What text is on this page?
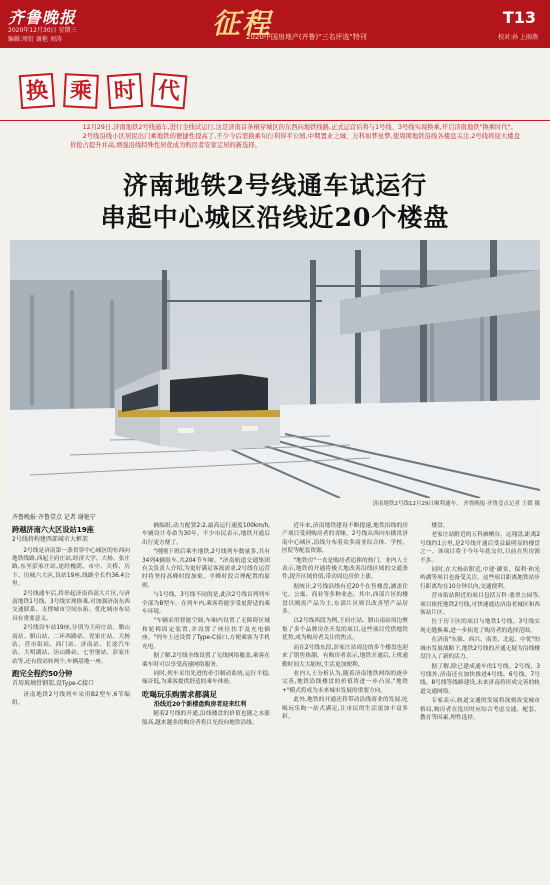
齐鲁晚报
2020年12月30日 星期三
编辑:周衍 谢艳 刘涛	征程
2020中国房地产(齐鲁)"三名评选"特刊
T13
校对:孙 上雨燕
换 乘 时 代

12月29日,济南地铁2号线通车,进行全线试运行,这是济南首条横穿城区的东西向地铁线路,正式运营后将与1号线、3号线实现换乘,开启济南地铁"换乘时代"。

2号线沿线小区居民出门乘地铁的便捷性提高了,不少今后需换乘旬行利得平公园,中期置业之城、万科如梦星梦,使周围地铁沿线各楼盘关注,2号线将迎大楼盘价抢占提升并高,增强沿线特殊性居优成为购房者安家定居的新选择。

济南地铁2号线通车试运行
串起中心城区沿线近20个楼盘
济南地铁2号线12月29日顺利通车。 齐鲁晚报·齐鲁壹点记者 王媛 摄
齐鲁晚报·齐鲁壹点 记者 谢艳宁
跨越济南六大区设站19座

2号线将构建西部城市大框架

2号线是济南第一条贯穿中心城区的东西向地铁线路,西起王府庄站,经济大学、大杨、张庄路,东至彭家庄站,途经槐荫、市中、天桥、历下、历城六大区,设站19座,线路全长约36.4公里。

2号线通车后,将串起济南西部大片区,与济南地铁1号线、3号线实现换乘,对加强济南东西交通联系、支撑城市空间东拓、优化城市布局具有重要意义。

2号线设车站19座,分别为王府庄站、腊山南站、腊山站、二环西路站、党家庄站、大杨站、营市街站、西门站、济南站、长途汽车站、大明湖站、历山路站、七里堡站、彭家庄站等,还有段站转两个,车辆基地一座。

跑完全程约50分钟

首用玻璃骨钢架,设Type-C接口

济南地铁2号线列车采用B2型车,6节编组。

辆编组,动力配置2:2,最高运行速度100km/h,车辆设计寿命为30年。不少市民表示,地铁开通后出行更方便了。

"刚刚下班后乘坐地铁,2号线列车数量多,共有34列4辆组车,共204节车厢。"济南轨道交通集团有关负责人介绍,为更好满足客流需求,2号线在运营时将坚持高峰时段加密、平峰时段合理配置的原则。

与1号线、3号线不同的是,此次2号线首列列车全部为B型车。在列车内,乘客将能享受更舒适的乘车环境。

"车辆采用智能空调,车厢内设置了无障碍区域和轮椅固定装置,并设置了座位扶手及充电插座。"列车上还设置了Type-C接口,方便乘客为手机充电。

据了解,2号线全线设置了无线网络覆盖,乘客在乘车时可以享受高速网络服务。

同时,列车采用先进的牵引制动系统,运行平稳,噪音低,为乘客提供舒适的乘车体验。

吃喝玩乐购需求都满足

沿线近20个新楼盘购房者迎来红利

随着2号线的开通,沿线楼盘的价值也随之水涨船高,越来越多的购房者将目光投向地铁沿线。

近年来,济南地铁建设不断提速,地铁沿线的房产项目受到购房者的青睐。2号线从西向东横贯济南中心城区,沿线分布着众多商业综合体、学校、医院等配套资源。

"地铁房"一直是购房者追捧的热门。业内人士表示,地铁的开通将极大地改善沿线区域的交通条件,提升区域价值,带动周边房价上涨。

据统计,2号线沿线有近20个在售楼盘,涵盖住宅、公寓、商业等多种业态。其中,西部片区的楼盘以刚需产品为主,东部片区则以改善型产品居多。

以2号线西段为例,王府庄站、腊山南站周边聚集了多个品牌房企开发的项目,这些项目凭借地铁优势,成为购房者关注的焦点。

而在2号线东段,彭家庄站周边的多个楼盘也迎来了销售热潮。有购房者表示,地铁开通后,上班通勤时间大大缩短,生活更加便利。

业内人士分析认为,随着济南地铁网络的逐步完善,地铁沿线楼盘的价值将进一步凸显,"地铁+"模式将成为未来城市发展的重要方向。

此外,地铁的开通还将带动沿线商业的发展,吃喝玩乐购一站式满足,让市民的生活更加丰富多彩。

楼盘。

老家庄站附近的万科雁栖谷、远翔盘,距离2号线约1公里,是2号线开通后受益最明显的楼盘之一。该项目将于今年年底交付,目前在售房源不多。

同时,在大杨站附近,中建·御景、保利·和光屿湖等项目也备受关注。这些项目距离地铁站步行距离均在10分钟以内,交通便利。

营市街站附近的项目包括万科·翡翠公园等,项目依托地铁2号线,可快速通达济南老城区和西客站片区。

位于历下区的项目与地铁1号线、3号线实现无缝换乘,进一步拓宽了购房者的选择范围。

在济南"东强、西兴、南美、北起、中优"的城市发展战略下,地铁2号线的开通无疑为沿线楼盘注入了新的活力。

据了解,除已建成通车的1号线、2号线、3号线外,济南还在加快推进4号线、6号线、7号线、8号线等线路建设,未来济南将形成完善的轨道交通网络。

专家表示,轨道交通的发展将深刻改变城市格局,购房者在选房时应综合考虑交通、配套、教育等因素,理性选择。
